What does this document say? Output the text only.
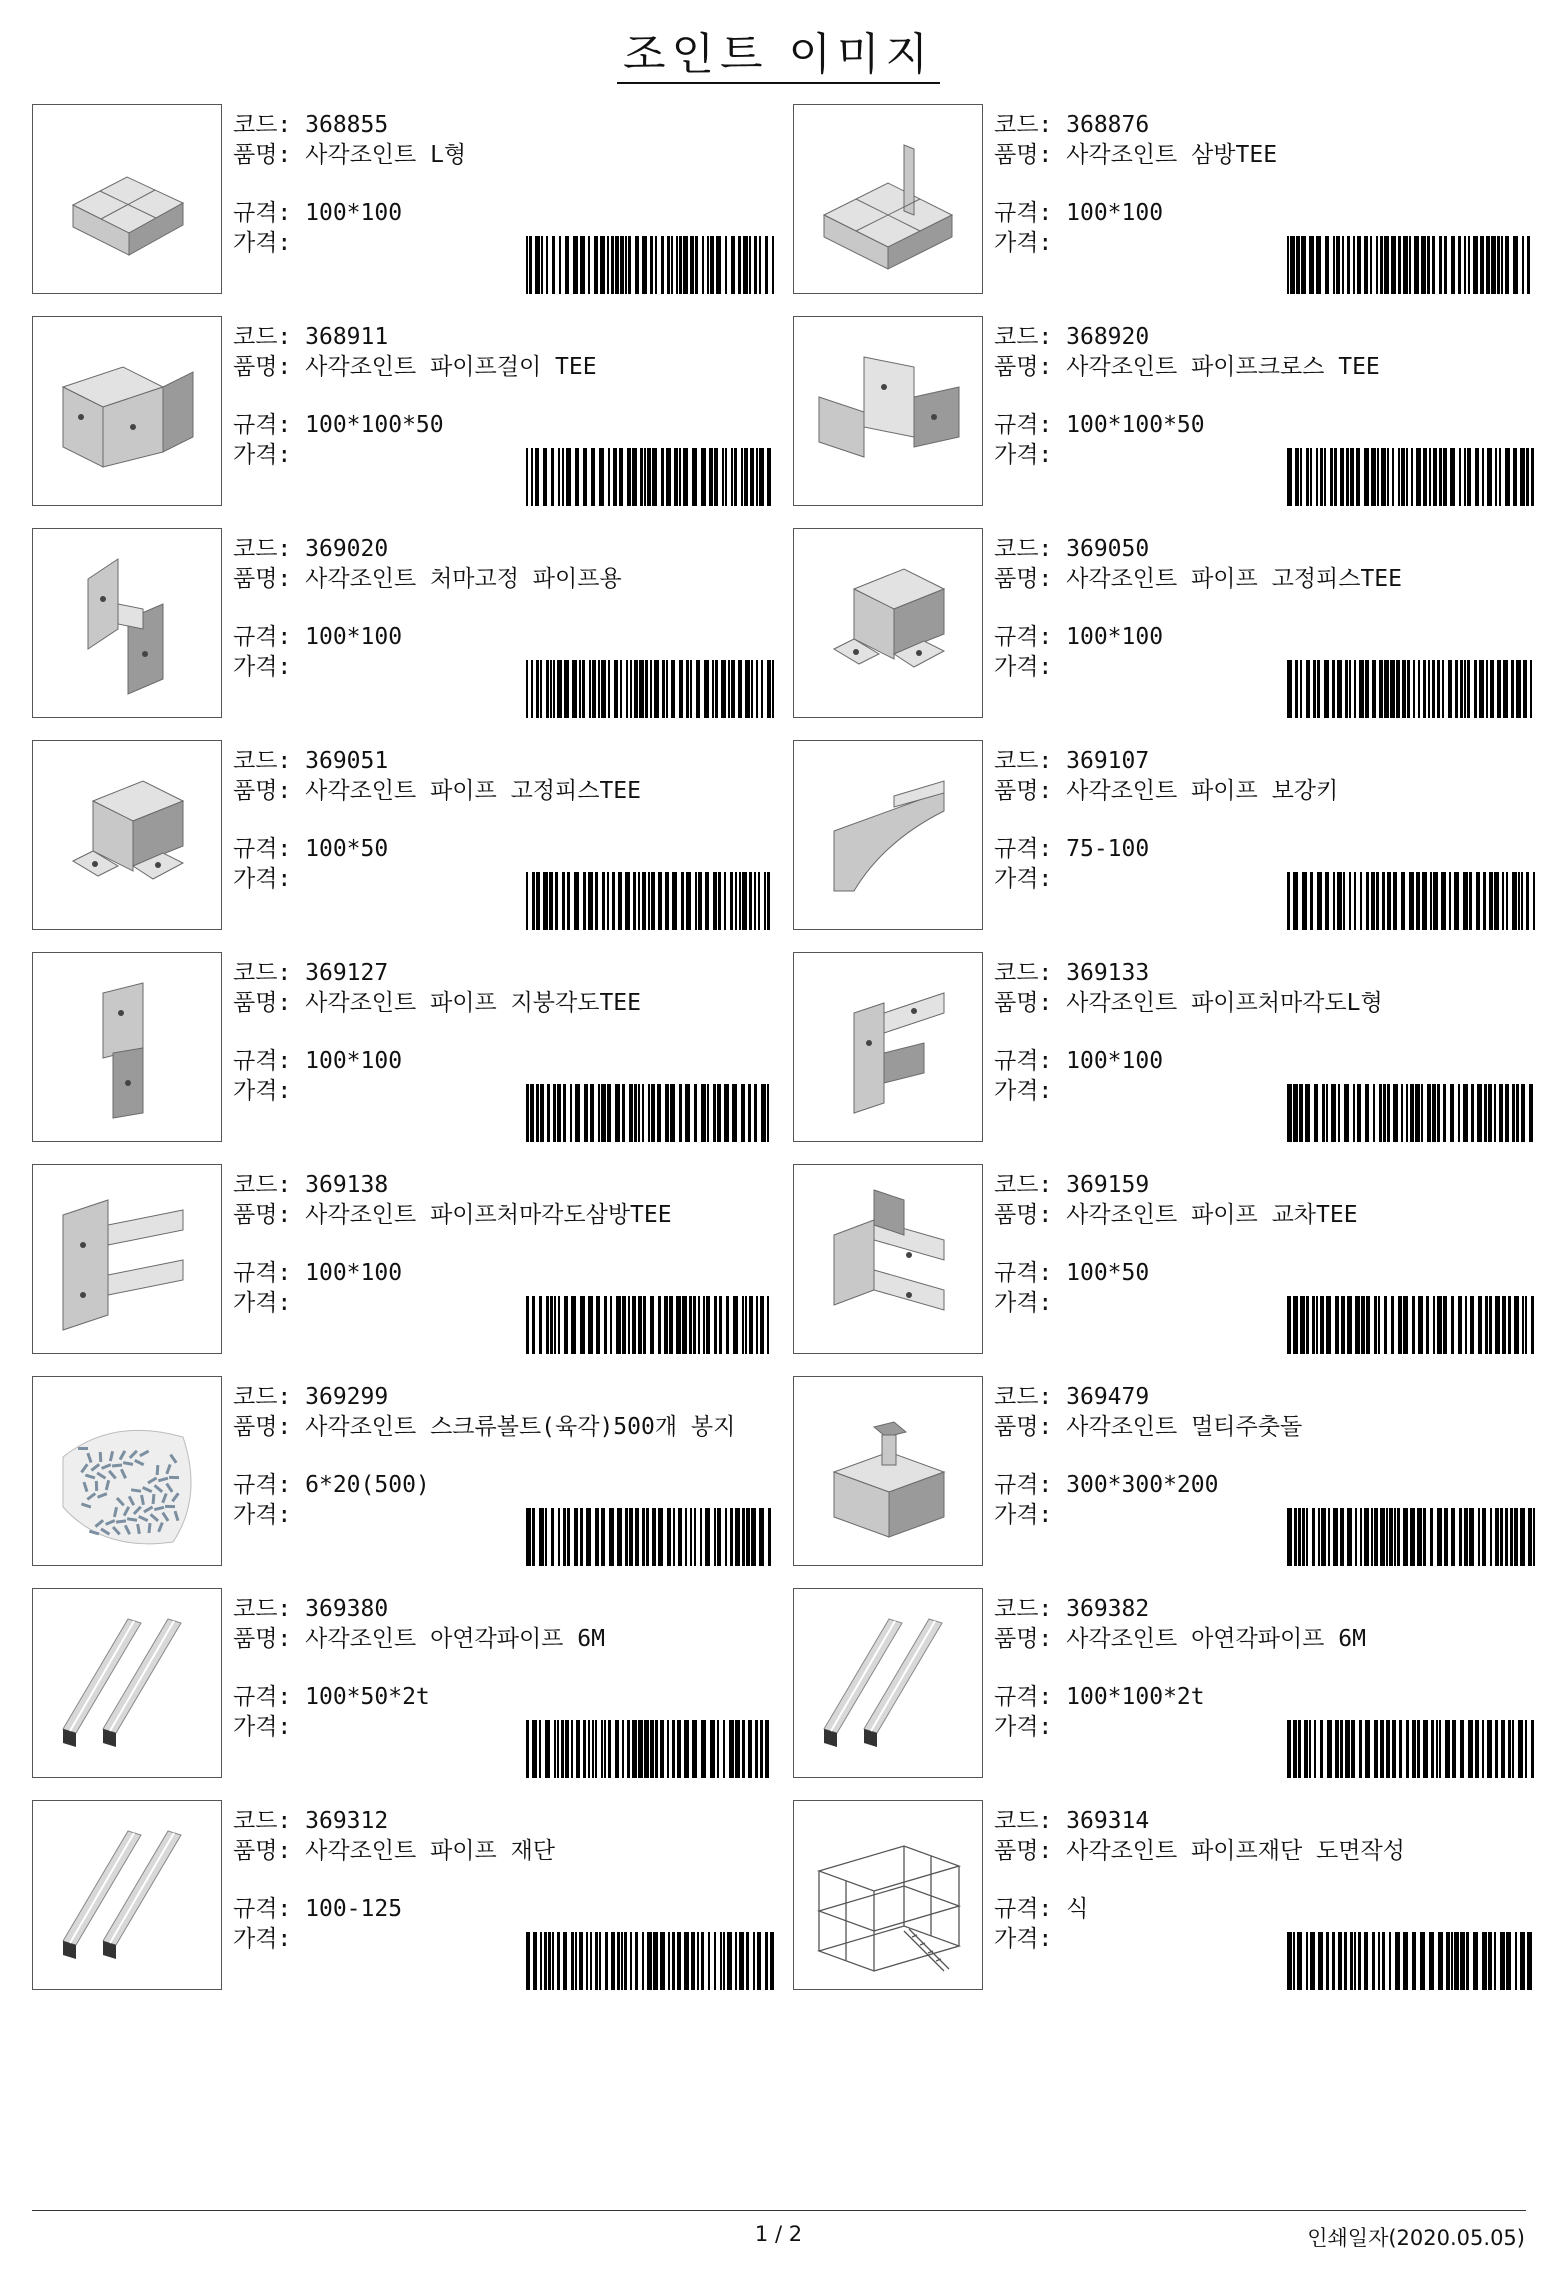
조인트 이미지
코드: 368855
품명: 사각조인트 L형
규격: 100*100
가격:
코드: 368876
품명: 사각조인트 삼방TEE
규격: 100*100
가격:
코드: 368911
품명: 사각조인트 파이프걸이 TEE
규격: 100*100*50
가격:
코드: 368920
품명: 사각조인트 파이프크로스 TEE
규격: 100*100*50
가격:
코드: 369020
품명: 사각조인트 처마고정 파이프용
규격: 100*100
가격:
코드: 369050
품명: 사각조인트 파이프 고정피스TEE
규격: 100*100
가격:
코드: 369051
품명: 사각조인트 파이프 고정피스TEE
규격: 100*50
가격:
코드: 369107
품명: 사각조인트 파이프 보강키
규격: 75-100
가격:
코드: 369127
품명: 사각조인트 파이프 지붕각도TEE
규격: 100*100
가격:
코드: 369133
품명: 사각조인트 파이프처마각도L형
규격: 100*100
가격:
코드: 369138
품명: 사각조인트 파이프처마각도삼방TEE
규격: 100*100
가격:
코드: 369159
품명: 사각조인트 파이프 교차TEE
규격: 100*50
가격:
코드: 369299
품명: 사각조인트 스크류볼트(육각)500개 봉지
규격: 6*20(500)
가격:
코드: 369479
품명: 사각조인트 멀티주춧돌
규격: 300*300*200
가격:
코드: 369380
품명: 사각조인트 아연각파이프 6M
규격: 100*50*2t
가격:
코드: 369382
품명: 사각조인트 아연각파이프 6M
규격: 100*100*2t
가격:
코드: 369312
품명: 사각조인트 파이프 재단
규격: 100-125
가격:
코드: 369314
품명: 사각조인트 파이프재단 도면작성
규격: 식
가격:
1 / 2	인쇄일자(2020.05.05)
